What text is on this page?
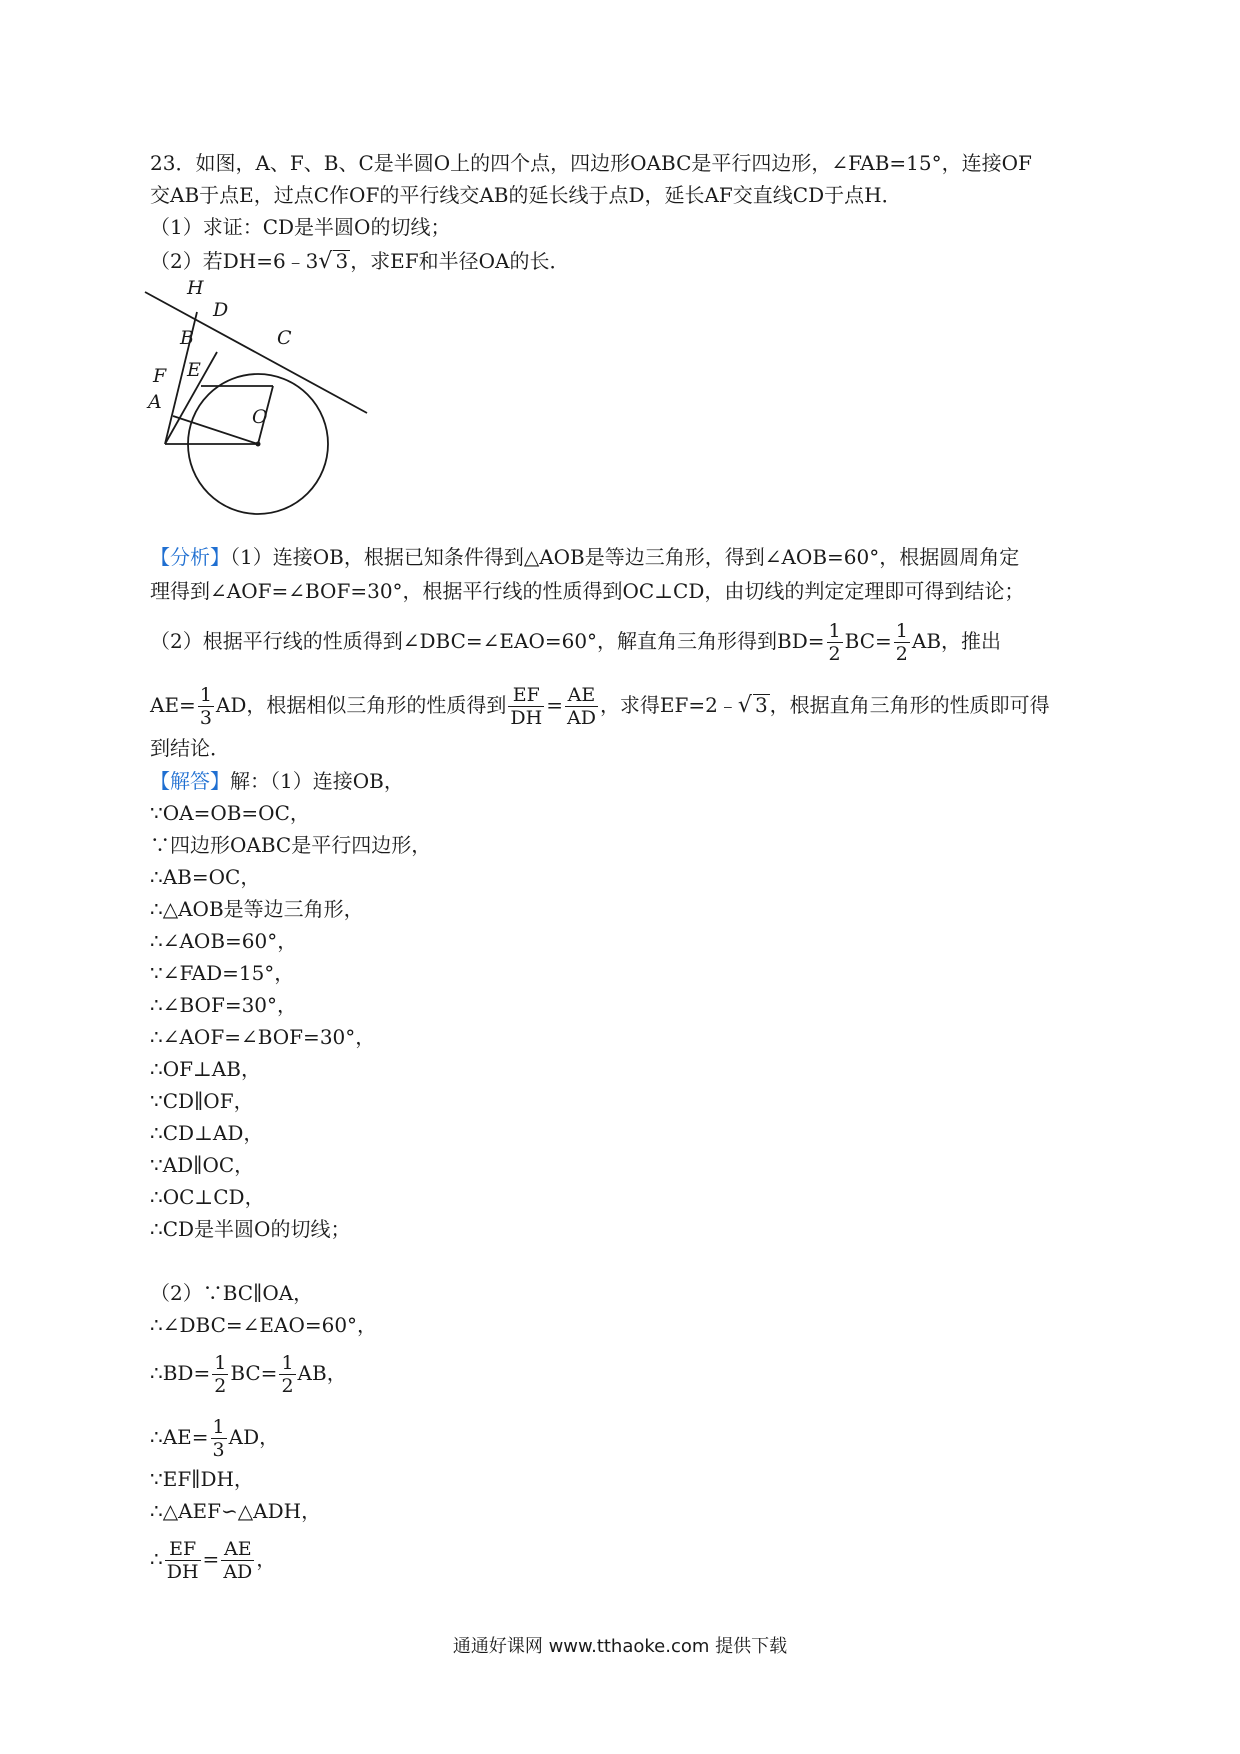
23．如图，A、F、B、C是半圆O上的四个点，四边形OABC是平行四边形，∠FAB=15°，连接OF
交AB于点E，过点C作OF的平行线交AB的延长线于点D，延长AF交直线CD于点H．
（1）求证：CD是半圆O的切线；
（2）若DH=6﹣3√ 3 ，求EF和半径OA的长．
H
D
B	C
E
F
A
O
【分析】（1）连接OB，根据已知条件得到△AOB是等边三角形，得到∠AOB=60°，根据圆周角定
理得到∠AOF=∠BOF=30°，根据平行线的性质得到OC⊥CD，由切线的判定定理即可得到结论；
（2）根据平行线的性质得到∠DBC=∠EAO=60°，解直角三角形得到$BD= \frac{1}{2} BC= \frac{1}{2}$ AB，推出
$AE= \frac{1}{3}$ AD，根据相似三角形的性质得到 $\frac{EF}{DH} = \frac{AE}{AD}$ ，求得EF=2﹣√ 3 ，根据直角三角形的性质即可得
到结论．
【解答】解：（1）连接OB，
∵OA=OB=OC，
∵四边形OABC是平行四边形，
∴AB=OC，
∴△AOB是等边三角形，
∴∠AOB=60°，
∵∠FAD=15°，
∴∠BOF=30°，
∴∠AOF=∠BOF=30°，
∴OF⊥AB，
∵CD∥OF，
∴CD⊥AD，
∵AD∥OC，
∴OC⊥CD，
∴CD是半圆O的切线；
（2）∵BC∥OA，
∴∠DBC=∠EAO=60°，
∴BD= $\frac{1}{2} BC= \frac{1}{2}$ AB，
∴AE= $\frac{1}{3}$ AD，
∵EF∥DH，
∴△AEF∽△ADH，
∴ $\frac{EF}{DH} = \frac{AE}{AD}$ ，
通通好课网 www.tthaoke.com 提供下载
